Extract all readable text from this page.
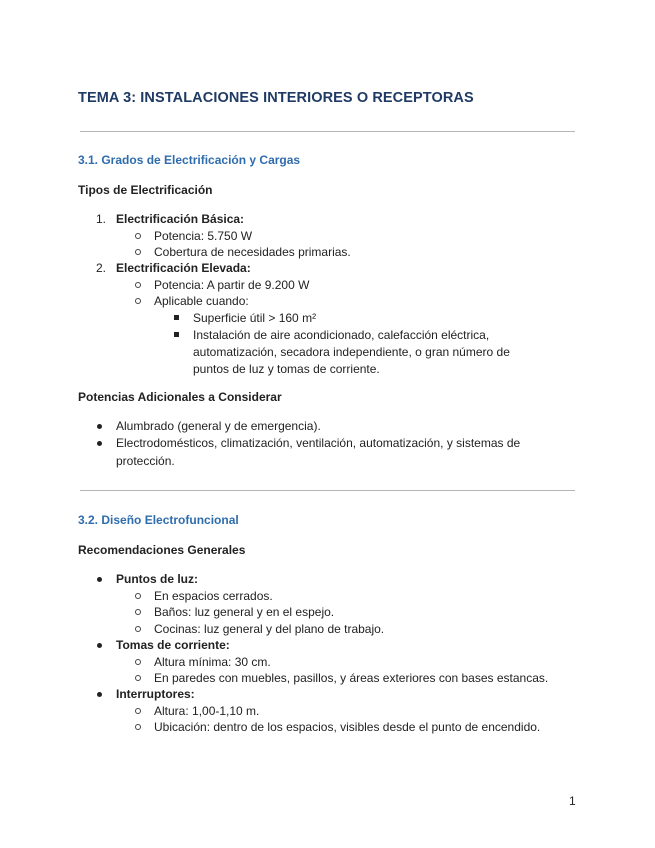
TEMA 3: INSTALACIONES INTERIORES O RECEPTORAS
3.1. Grados de Electrificación y Cargas
Tipos de Electrificación
1. Electrificación Básica:
Potencia: 5.750 W
Cobertura de necesidades primarias.
2. Electrificación Elevada:
Potencia: A partir de 9.200 W
Aplicable cuando:
Superficie útil > 160 m²
Instalación de aire acondicionado, calefacción eléctrica,
automatización, secadora independiente, o gran número de
puntos de luz y tomas de corriente.
Potencias Adicionales a Considerar
Alumbrado (general y de emergencia).
Electrodomésticos, climatización, ventilación, automatización, y sistemas de
protección.
3.2. Diseño Electrofuncional
Recomendaciones Generales
Puntos de luz:
En espacios cerrados.
Baños: luz general y en el espejo.
Cocinas: luz general y del plano de trabajo.
Tomas de corriente:
Altura mínima: 30 cm.
En paredes con muebles, pasillos, y áreas exteriores con bases estancas.
Interruptores:
Altura: 1,00-1,10 m.
Ubicación: dentro de los espacios, visibles desde el punto de encendido.
1
